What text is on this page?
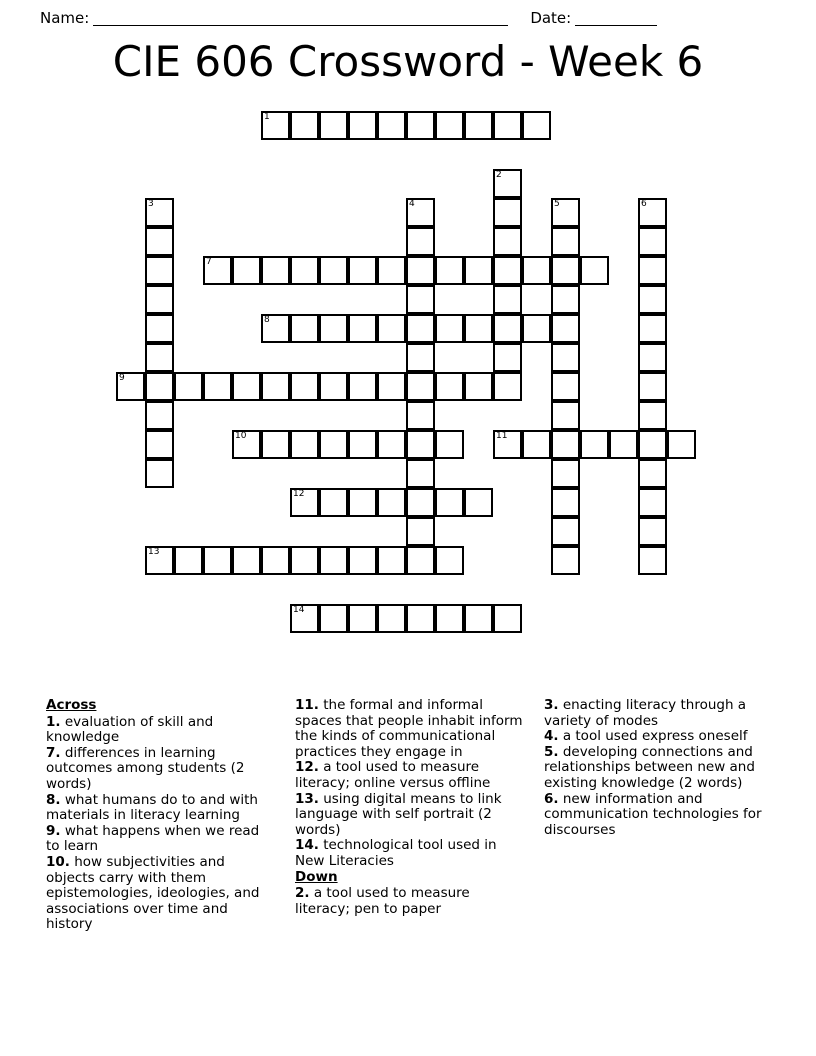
Name:	Date:
CIE 606 Crossword - Week 6
1
2
3	4	5	6
7
8
9
10	11
12
13
14
Across

1. evaluation of skill and knowledge

7. differences in learning outcomes among students (2 words)

8. what humans do to and with materials in literacy learning

9. what happens when we read to learn

10. how subjectivities and objects carry with them epistemologies, ideologies, and associations over time and history

11. the formal and informal spaces that people inhabit inform the kinds of communicational practices they engage in

12. a tool used to measure literacy; online versus offline

13. using digital means to link language with self portrait (2 words)

14. technological tool used in New Literacies

Down

2. a tool used to measure literacy; pen to paper

3. enacting literacy through a variety of modes

4. a tool used express oneself

5. developing connections and relationships between new and existing knowledge (2 words)

6. new information and communication technologies for discourses
